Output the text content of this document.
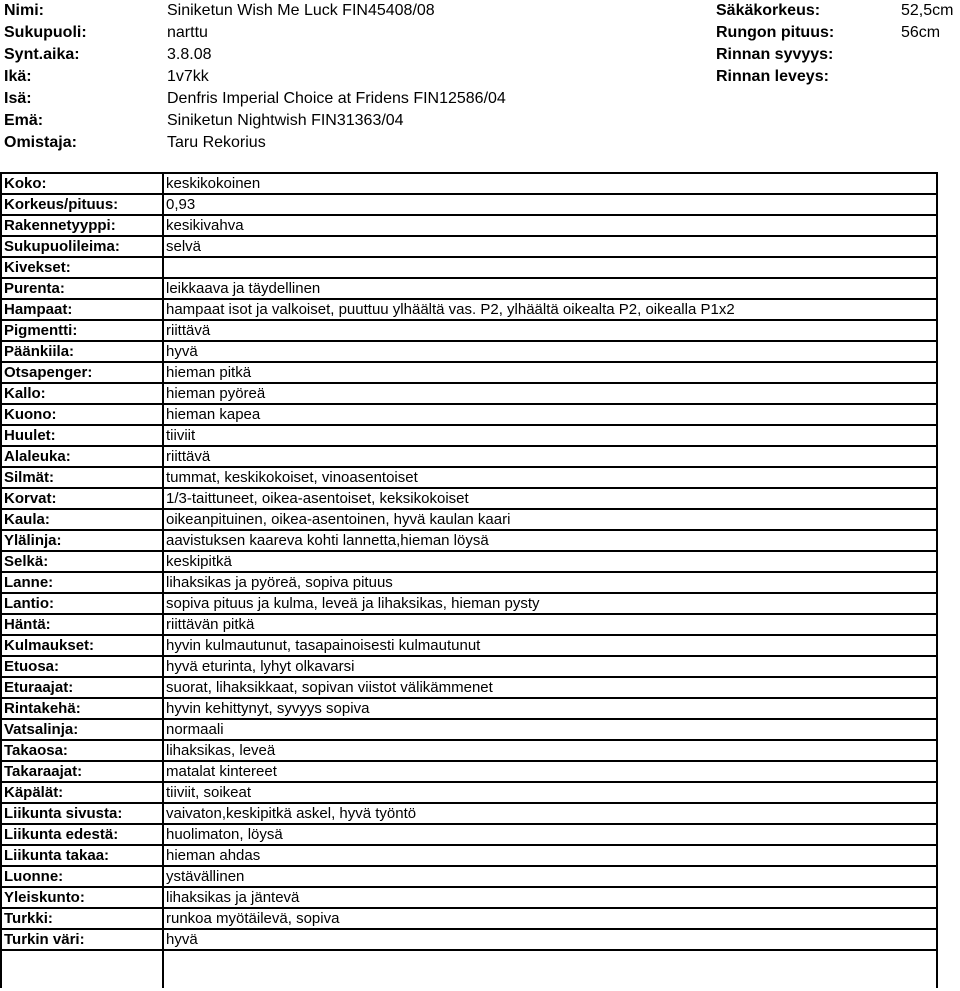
Nimi:	Siniketun Wish Me Luck FIN45408/08	Säkäkorkeus:	52,5cm
Sukupuoli:	narttu	Rungon pituus:	56cm
Synt.aika:	3.8.08	Rinnan syvyys:
Ikä:	1v7kk	Rinnan leveys:
Isä:	Denfris Imperial Choice at Fridens FIN12586/04
Emä:	Siniketun Nightwish FIN31363/04
Omistaja:	Taru Rekorius
Koko:	keskikokoinen
Korkeus/pituus:	0,93
Rakennetyyppi:	kesikivahva
Sukupuolileima:	selvä
Kivekset:
Purenta:	leikkaava ja täydellinen
Hampaat:	hampaat isot ja valkoiset, puuttuu ylhäältä vas. P2, ylhäältä oikealta P2, oikealla P1x2
Pigmentti:	riittävä
Päänkiila:	hyvä
Otsapenger:	hieman pitkä
Kallo:	hieman pyöreä
Kuono:	hieman kapea
Huulet:	tiiviit
Alaleuka:	riittävä
Silmät:	tummat, keskikokoiset, vinoasentoiset
Korvat:	1/3-taittuneet, oikea-asentoiset, keksikokoiset
Kaula:	oikeanpituinen, oikea-asentoinen, hyvä kaulan kaari
Ylälinja:	aavistuksen kaareva kohti lannetta,hieman löysä
Selkä:	keskipitkä
Lanne:	lihaksikas ja pyöreä, sopiva pituus
Lantio:	sopiva pituus ja kulma, leveä ja lihaksikas, hieman pysty
Häntä:	riittävän pitkä
Kulmaukset:	hyvin kulmautunut, tasapainoisesti kulmautunut
Etuosa:	hyvä eturinta, lyhyt olkavarsi
Eturaajat:	suorat, lihaksikkaat, sopivan viistot välikämmenet
Rintakehä:	hyvin kehittynyt, syvyys sopiva
Vatsalinja:	normaali
Takaosa:	lihaksikas, leveä
Takaraajat:	matalat kintereet
Käpälät:	tiiviit, soikeat
Liikunta sivusta:	vaivaton,keskipitkä askel, hyvä työntö
Liikunta edestä:	huolimaton, löysä
Liikunta takaa:	hieman ahdas
Luonne:	ystävällinen
Yleiskunto:	lihaksikas ja jäntevä
Turkki:	runkoa myötäilevä, sopiva
Turkin väri:	hyvä
